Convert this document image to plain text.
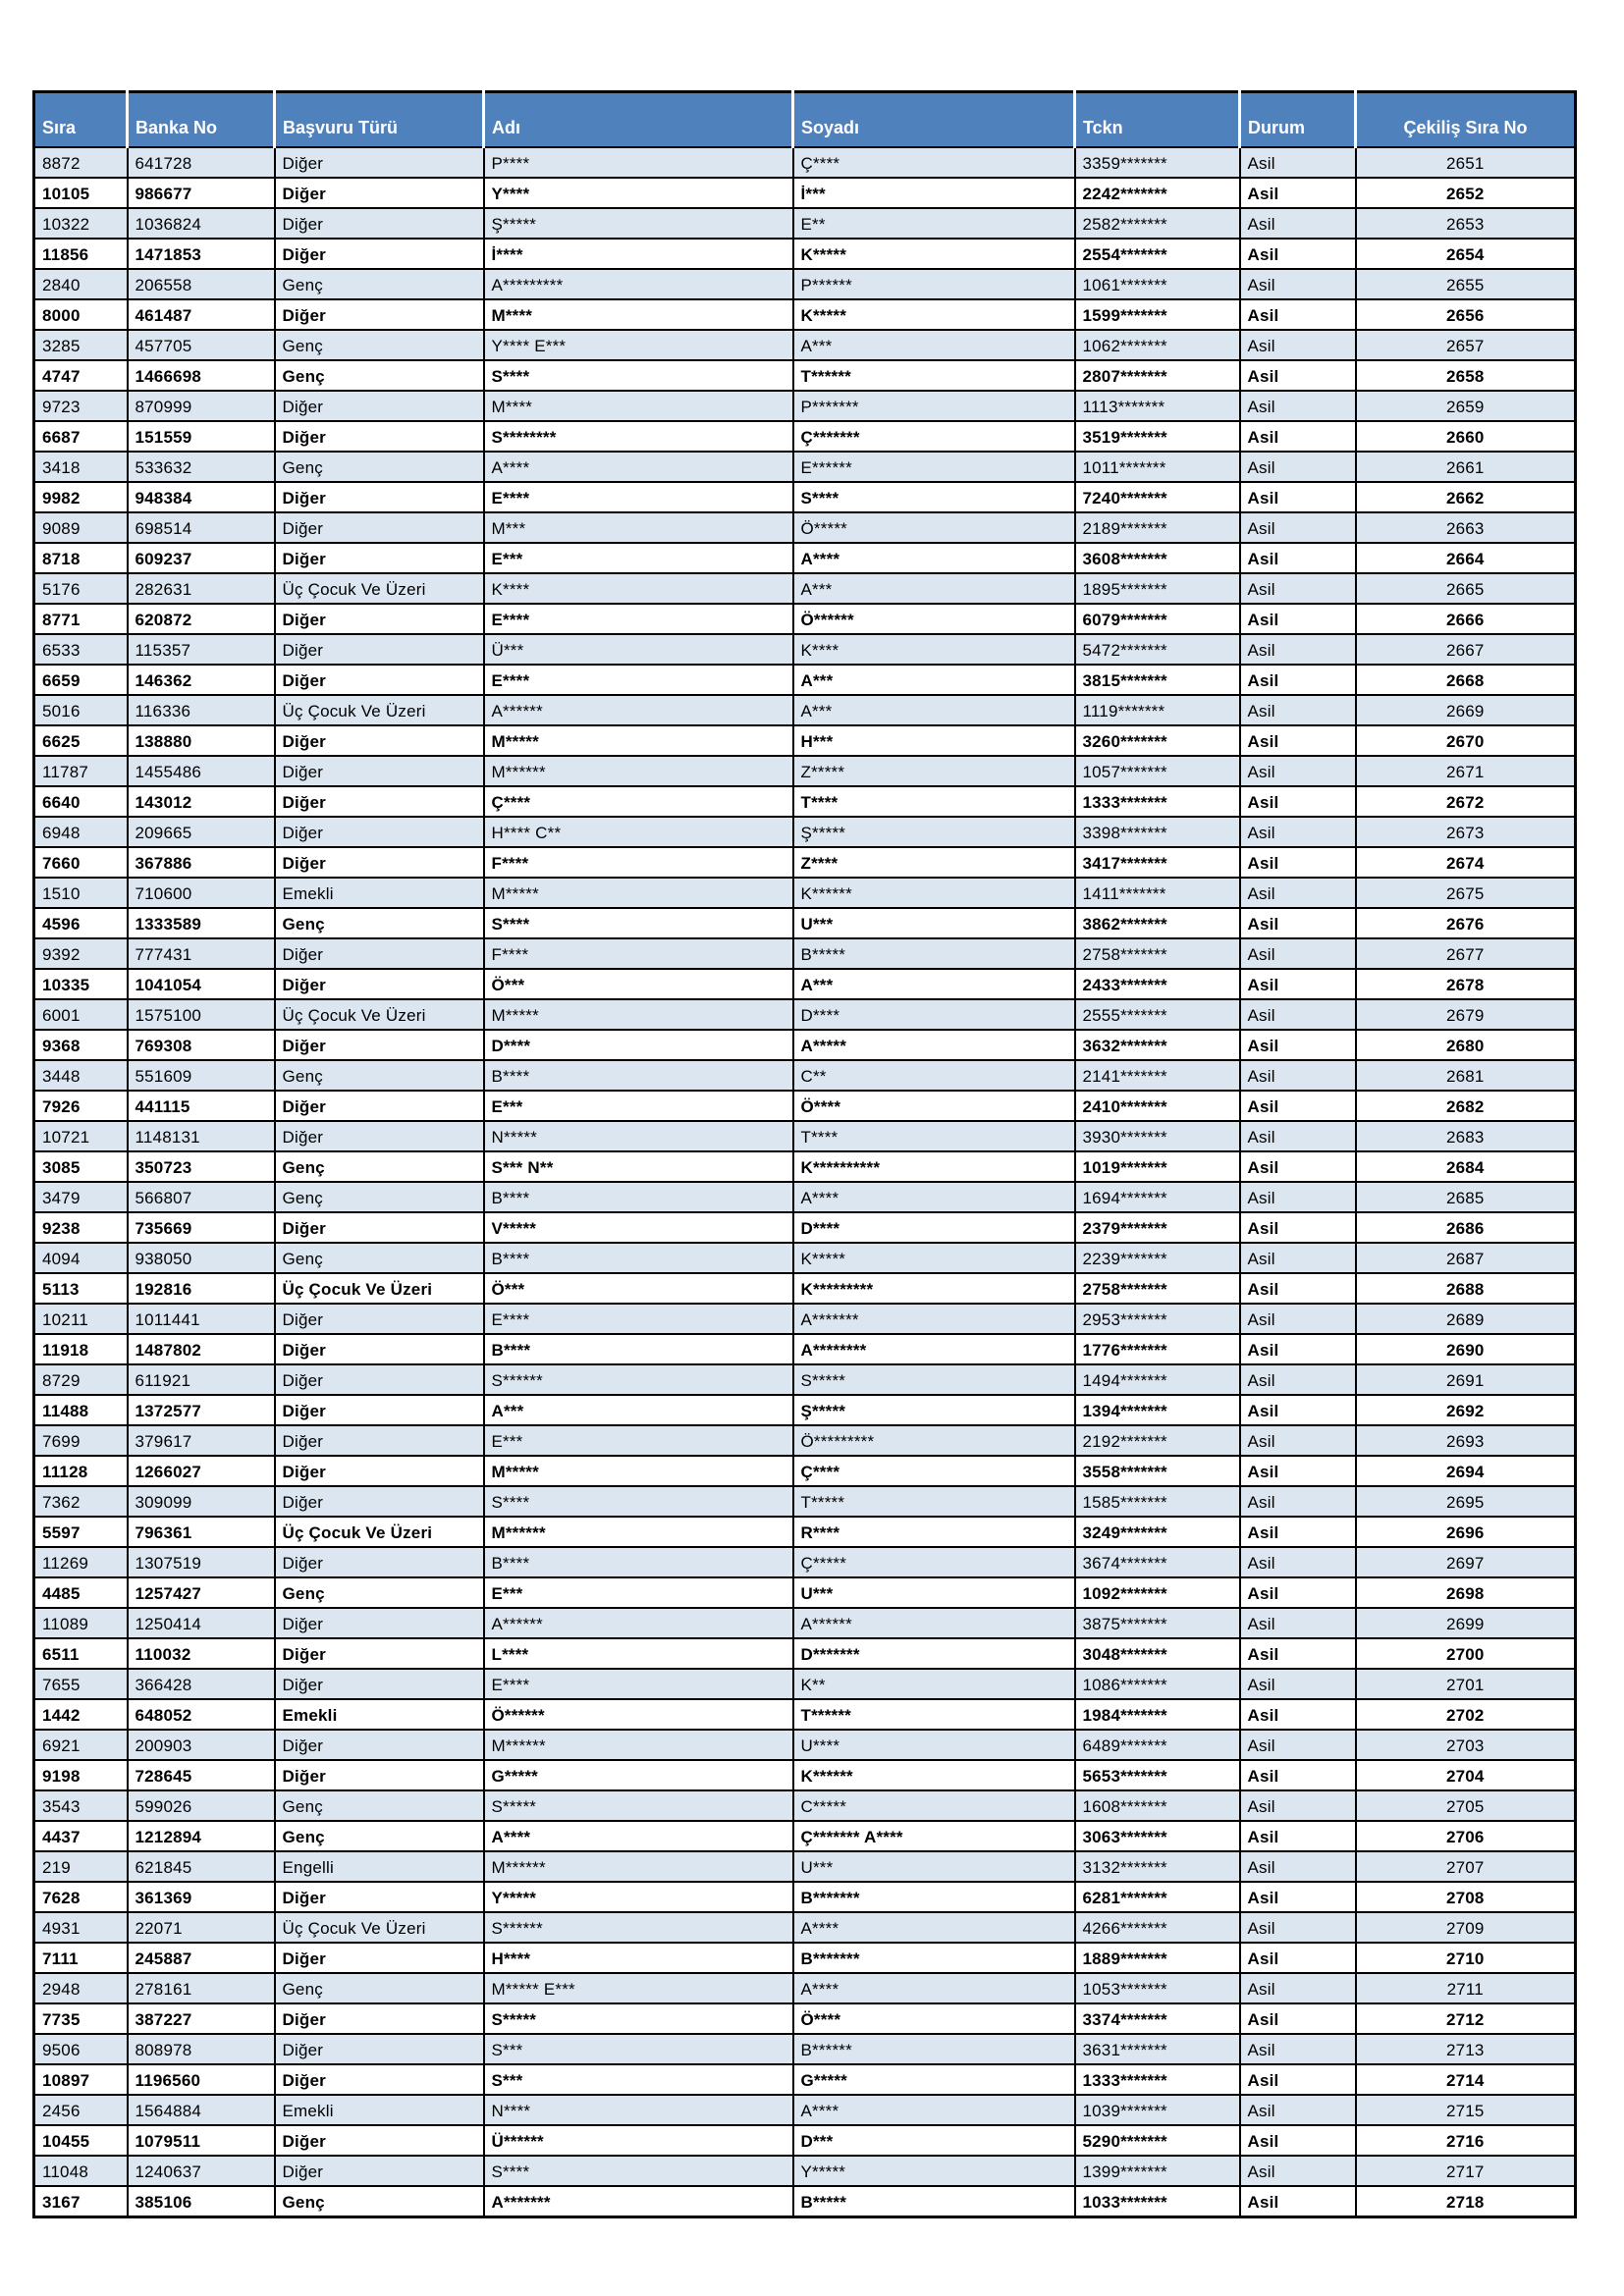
Sıra	Banka No	Başvuru Türü	Adı	Soyadı	Tckn	Durum	Çekiliş Sıra No
8872	641728	Diğer	P****	Ç****	3359*******	Asil	2651
10105	986677	Diğer	Y****	İ***	2242*******	Asil	2652
10322	1036824	Diğer	Ş*****	E**	2582*******	Asil	2653
11856	1471853	Diğer	İ****	K*****	2554*******	Asil	2654
2840	206558	Genç	A*********	P******	1061*******	Asil	2655
8000	461487	Diğer	M****	K*****	1599*******	Asil	2656
3285	457705	Genç	Y**** E***	A***	1062*******	Asil	2657
4747	1466698	Genç	S****	T******	2807*******	Asil	2658
9723	870999	Diğer	M****	P*******	1113*******	Asil	2659
6687	151559	Diğer	S********	Ç*******	3519*******	Asil	2660
3418	533632	Genç	A****	E******	1011*******	Asil	2661
9982	948384	Diğer	E****	S****	7240*******	Asil	2662
9089	698514	Diğer	M***	Ö*****	2189*******	Asil	2663
8718	609237	Diğer	E***	A****	3608*******	Asil	2664
5176	282631	Üç Çocuk Ve Üzeri	K****	A***	1895*******	Asil	2665
8771	620872	Diğer	E****	Ö******	6079*******	Asil	2666
6533	115357	Diğer	Ü***	K****	5472*******	Asil	2667
6659	146362	Diğer	E****	A***	3815*******	Asil	2668
5016	116336	Üç Çocuk Ve Üzeri	A******	A***	1119*******	Asil	2669
6625	138880	Diğer	M*****	H***	3260*******	Asil	2670
11787	1455486	Diğer	M******	Z*****	1057*******	Asil	2671
6640	143012	Diğer	Ç****	T****	1333*******	Asil	2672
6948	209665	Diğer	H**** C**	Ş*****	3398*******	Asil	2673
7660	367886	Diğer	F****	Z****	3417*******	Asil	2674
1510	710600	Emekli	M*****	K******	1411*******	Asil	2675
4596	1333589	Genç	S****	U***	3862*******	Asil	2676
9392	777431	Diğer	F****	B*****	2758*******	Asil	2677
10335	1041054	Diğer	Ö***	A***	2433*******	Asil	2678
6001	1575100	Üç Çocuk Ve Üzeri	M*****	D****	2555*******	Asil	2679
9368	769308	Diğer	D****	A*****	3632*******	Asil	2680
3448	551609	Genç	B****	C**	2141*******	Asil	2681
7926	441115	Diğer	E***	Ö****	2410*******	Asil	2682
10721	1148131	Diğer	N*****	T****	3930*******	Asil	2683
3085	350723	Genç	S*** N**	K**********	1019*******	Asil	2684
3479	566807	Genç	B****	A****	1694*******	Asil	2685
9238	735669	Diğer	V*****	D****	2379*******	Asil	2686
4094	938050	Genç	B****	K*****	2239*******	Asil	2687
5113	192816	Üç Çocuk Ve Üzeri	Ö***	K*********	2758*******	Asil	2688
10211	1011441	Diğer	E****	A*******	2953*******	Asil	2689
11918	1487802	Diğer	B****	A********	1776*******	Asil	2690
8729	611921	Diğer	S******	S*****	1494*******	Asil	2691
11488	1372577	Diğer	A***	Ş*****	1394*******	Asil	2692
7699	379617	Diğer	E***	Ö*********	2192*******	Asil	2693
11128	1266027	Diğer	M*****	Ç****	3558*******	Asil	2694
7362	309099	Diğer	S****	T*****	1585*******	Asil	2695
5597	796361	Üç Çocuk Ve Üzeri	M******	R****	3249*******	Asil	2696
11269	1307519	Diğer	B****	Ç*****	3674*******	Asil	2697
4485	1257427	Genç	E***	U***	1092*******	Asil	2698
11089	1250414	Diğer	A******	A******	3875*******	Asil	2699
6511	110032	Diğer	L****	D*******	3048*******	Asil	2700
7655	366428	Diğer	E****	K**	1086*******	Asil	2701
1442	648052	Emekli	Ö******	T******	1984*******	Asil	2702
6921	200903	Diğer	M******	U****	6489*******	Asil	2703
9198	728645	Diğer	G*****	K******	5653*******	Asil	2704
3543	599026	Genç	S*****	C*****	1608*******	Asil	2705
4437	1212894	Genç	A****	Ç******* A****	3063*******	Asil	2706
219	621845	Engelli	M******	U***	3132*******	Asil	2707
7628	361369	Diğer	Y*****	B*******	6281*******	Asil	2708
4931	22071	Üç Çocuk Ve Üzeri	S******	A****	4266*******	Asil	2709
7111	245887	Diğer	H****	B*******	1889*******	Asil	2710
2948	278161	Genç	M***** E***	A****	1053*******	Asil	2711
7735	387227	Diğer	S*****	Ö****	3374*******	Asil	2712
9506	808978	Diğer	S***	B******	3631*******	Asil	2713
10897	1196560	Diğer	S***	G*****	1333*******	Asil	2714
2456	1564884	Emekli	N****	A****	1039*******	Asil	2715
10455	1079511	Diğer	Ü******	D***	5290*******	Asil	2716
11048	1240637	Diğer	S****	Y*****	1399*******	Asil	2717
3167	385106	Genç	A*******	B*****	1033*******	Asil	2718
